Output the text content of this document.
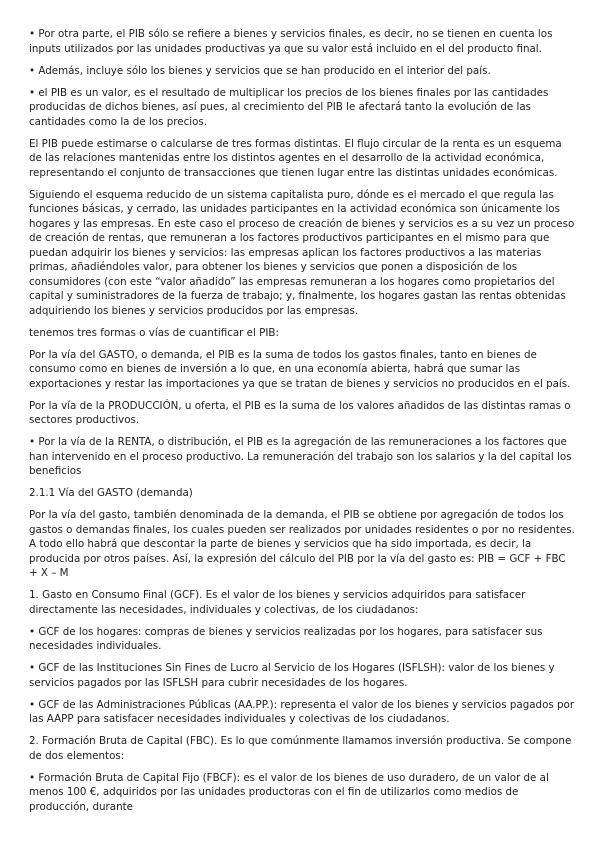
• Por otra parte, el PIB sólo se refiere a bienes y servicios finales, es decir, no se tienen en cuenta los inputs utilizados por las unidades productivas ya que su valor está incluido en el del producto final.

• Además, incluye sólo los bienes y servicios que se han producido en el interior del país.

• el PIB es un valor, es el resultado de multiplicar los precios de los bienes finales por las cantidades producidas de dichos bienes, así pues, al crecimiento del PIB le afectará tanto la evolución de las cantidades como la de los precios.

El PIB puede estimarse o calcularse de tres formas distintas. El flujo circular de la renta es un esquema de las relaciones mantenidas entre los distintos agentes en el desarrollo de la actividad económica, representando el conjunto de transacciones que tienen lugar entre las distintas unidades económicas.

Siguiendo el esquema reducido de un sistema capitalista puro, dónde es el mercado el que regula las funciones básicas, y cerrado, las unidades participantes en la actividad económica son únicamente los hogares y las empresas. En este caso el proceso de creación de bienes y servicios es a su vez un proceso de creación de rentas, que remuneran a los factores productivos participantes en el mismo para que puedan adquirir los bienes y servicios: las empresas aplican los factores productivos a las materias primas, añadiéndoles valor, para obtener los bienes y servicios que ponen a disposición de los consumidores (con este “valor añadido” las empresas remuneran a los hogares como propietarios del capital y suministradores de la fuerza de trabajo; y, finalmente, los hogares gastan las rentas obtenidas adquiriendo los bienes y servicios producidos por las empresas.

tenemos tres formas o vías de cuantificar el PIB:

Por la vía del GASTO, o demanda, el PIB es la suma de todos los gastos finales, tanto en bienes de consumo como en bienes de inversión a lo que, en una economía abierta, habrá que sumar las exportaciones y restar las importaciones ya que se tratan de bienes y servicios no producidos en el país.

Por la vía de la PRODUCCIÓN, u oferta, el PIB es la suma de los valores añadidos de las distintas ramas o sectores productivos.

• Por la vía de la RENTA, o distribución, el PIB es la agregación de las remuneraciones a los factores que han intervenido en el proceso productivo. La remuneración del trabajo son los salarios y la del capital los beneficios

2.1.1 Vía del GASTO (demanda)

Por la vía del gasto, también denominada de la demanda, el PIB se obtiene por agregación de todos los gastos o demandas finales, los cuales pueden ser realizados por unidades residentes o por no residentes. A todo ello habrá que descontar la parte de bienes y servicios que ha sido importada, es decir, la producida por otros países. Así, la expresión del cálculo del PIB por la vía del gasto es: PIB = GCF + FBC + X – M

1. Gasto en Consumo Final (GCF). Es el valor de los bienes y servicios adquiridos para satisfacer directamente las necesidades, individuales y colectivas, de los ciudadanos:

• GCF de los hogares: compras de bienes y servicios realizadas por los hogares, para satisfacer sus necesidades individuales.

• GCF de las Instituciones Sin Fines de Lucro al Servicio de los Hogares (ISFLSH): valor de los bienes y servicios pagados por las ISFLSH para cubrir necesidades de los hogares.

• GCF de las Administraciones Públicas (AA.PP.): representa el valor de los bienes y servicios pagados por las AAPP para satisfacer necesidades individuales y colectivas de los ciudadanos.

2. Formación Bruta de Capital (FBC). Es lo que comúnmente llamamos inversión productiva. Se compone de dos elementos:

• Formación Bruta de Capital Fijo (FBCF): es el valor de los bienes de uso duradero, de un valor de al menos 100 €, adquiridos por las unidades productoras con el fin de utilizarlos como medios de producción, durante
